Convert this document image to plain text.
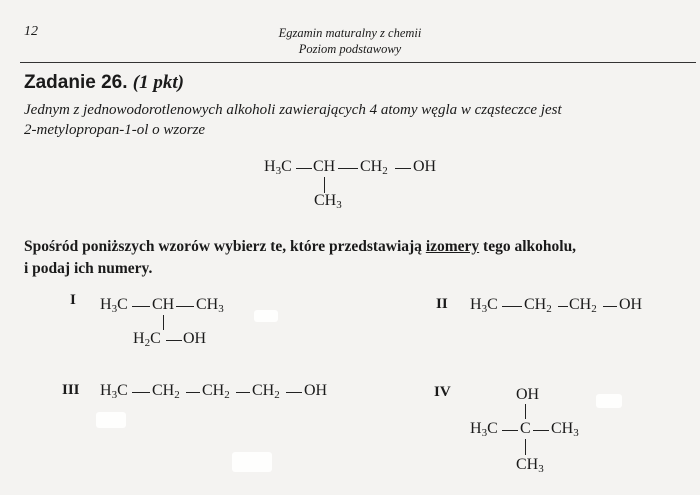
12	Egzamin maturalny z chemii
Poziom podstawowy
Zadanie 26. (1 pkt)
Jednym z jednowodorotlenowych alkoholi zawierających 4 atomy węgla w cząsteczce jest
2-metylopropan-1-ol o wzorze
$H_3C$ CH $CH_2$ OH
$CH_3$
Spośród poniższych wzorów wybierz te, które przedstawiają izomery tego alkoholu,
i podaj ich numery.
I $H_3C$ CH $CH_3$
$H_2C$ OH
II $H_3C$ $CH_2$ $CH_2$ OH
III $H_3C$ $CH_2$ $CH_2$ $CH_2$ OH	IV	OH
$H_3C$ C $CH_3$
$CH_3$
